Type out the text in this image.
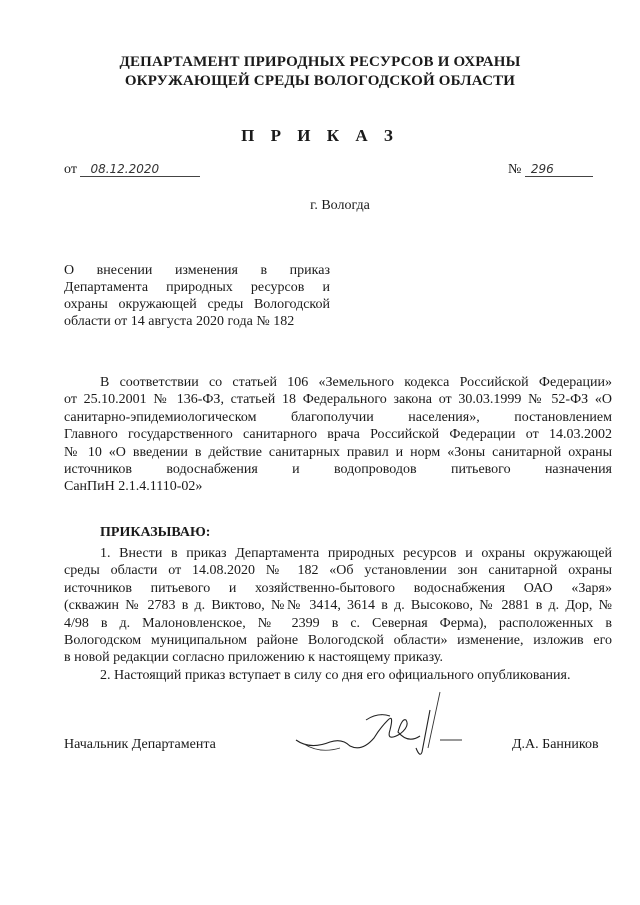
ДЕПАРТАМЕНТ ПРИРОДНЫХ РЕСУРСОВ И ОХРАНЫ
ОКРУЖАЮЩЕЙ СРЕДЫ ВОЛОГОДСКОЙ ОБЛАСТИ
П Р И К А З
от 08.12.2020	№ 296
г. Вологда
О внесении изменения в приказ Департамента природных ресурсов и охраны окружающей среды Вологодской области от 14 августа 2020 года № 182
В соответствии со статьей 106 «Земельного кодекса Российской Федерации»
от 25.10.2001 № 136-ФЗ, статьей 18 Федерального закона от 30.03.1999 № 52-ФЗ «О
санитарно-эпидемиологическом благополучии населения», постановлением
Главного государственного санитарного врача Российской Федерации от 14.03.2002
№ 10 «О введении в действие санитарных правил и норм «Зоны санитарной охраны
источников водоснабжения и водопроводов питьевого назначения
СанПиН 2.1.4.1110-02»
ПРИКАЗЫВАЮ:
1. Внести в приказ Департамента природных ресурсов и охраны окружающей
среды области от 14.08.2020 № 182 «Об установлении зон санитарной охраны
источников питьевого и хозяйственно-бытового водоснабжения ОАО «Заря»
(скважин № 2783 в д. Виктово, №№ 3414, 3614 в д. Высоково, № 2881 в д. Дор, №
4/98 в д. Малоновленское, № 2399 в с. Северная Ферма), расположенных в
Вологодском муниципальном районе Вологодской области» изменение, изложив его
в новой редакции согласно приложению к настоящему приказу.
2. Настоящий приказ вступает в силу со дня его официального опубликования.
Начальник Департамента	Д.А. Банников
